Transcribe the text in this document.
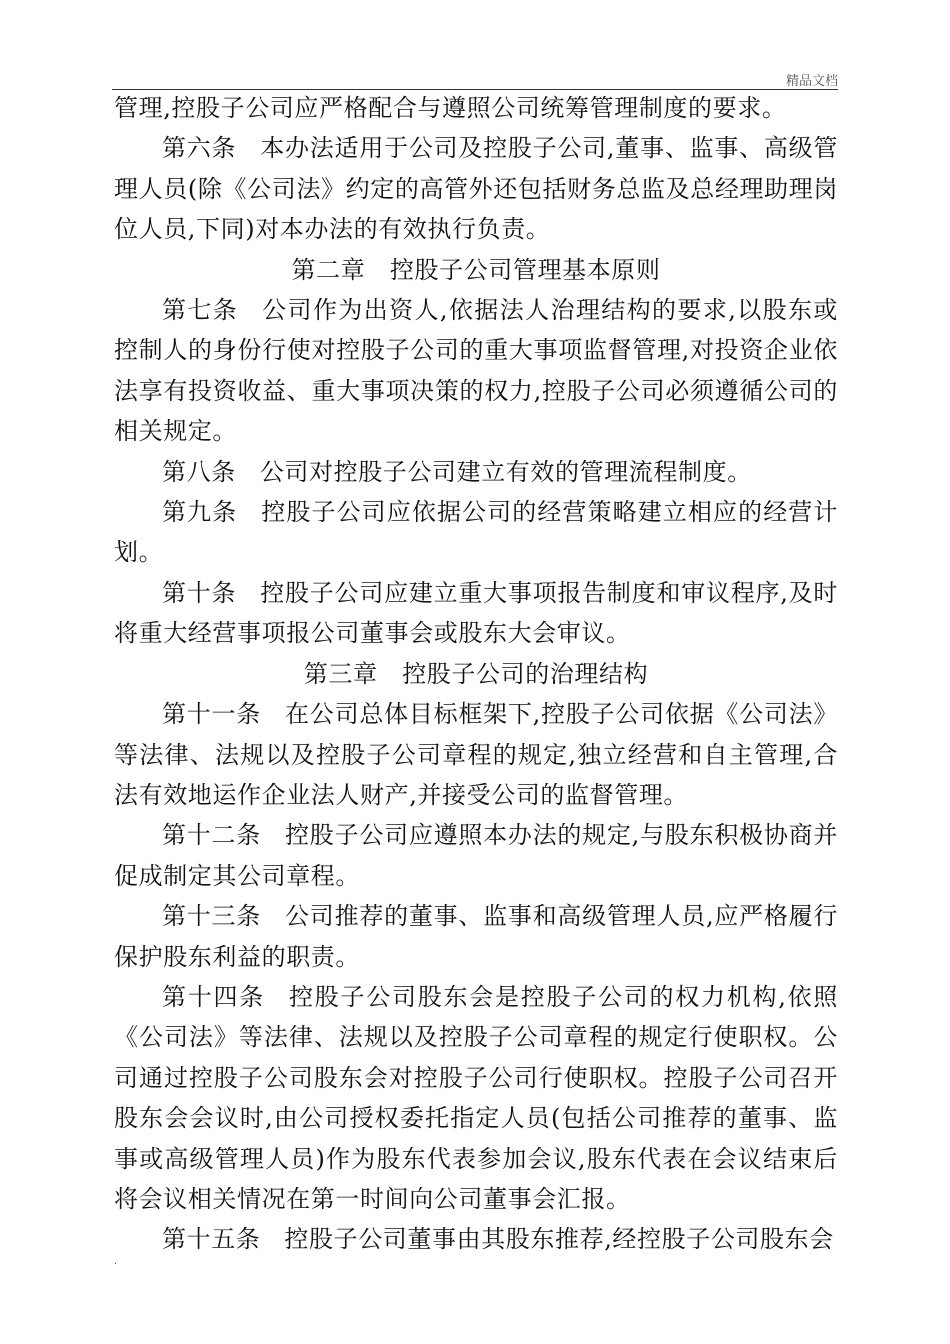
精品文档

管理,控股子公司应严格配合与遵照公司统筹管理制度的要求。

第六条 本办法适用于公司及控股子公司,董事、监事、高级管理人员(除《公司法》约定的高管外还包括财务总监及总经理助理岗位人员,下同)对本办法的有效执行负责。

第二章　控股子公司管理基本原则

第七条 公司作为出资人,依据法人治理结构的要求,以股东或控制人的身份行使对控股子公司的重大事项监督管理,对投资企业依法享有投资收益、重大事项决策的权力,控股子公司必须遵循公司的相关规定。

第八条 公司对控股子公司建立有效的管理流程制度。

第九条 控股子公司应依据公司的经营策略建立相应的经营计划。

第十条 控股子公司应建立重大事项报告制度和审议程序,及时将重大经营事项报公司董事会或股东大会审议。

第三章　控股子公司的治理结构

第十一条 在公司总体目标框架下,控股子公司依据《公司法》等法律、法规以及控股子公司章程的规定,独立经营和自主管理,合法有效地运作企业法人财产,并接受公司的监督管理。

第十二条 控股子公司应遵照本办法的规定,与股东积极协商并促成制定其公司章程。

第十三条 公司推荐的董事、监事和高级管理人员,应严格履行保护股东利益的职责。

第十四条 控股子公司股东会是控股子公司的权力机构,依照《公司法》等法律、法规以及控股子公司章程的规定行使职权。公司通过控股子公司股东会对控股子公司行使职权。控股子公司召开股东会会议时,由公司授权委托指定人员(包括公司推荐的董事、监事或高级管理人员)作为股东代表参加会议,股东代表在会议结束后将会议相关情况在第一时间向公司董事会汇报。

第十五条 控股子公司董事由其股东推荐,经控股子公司股东会

.
